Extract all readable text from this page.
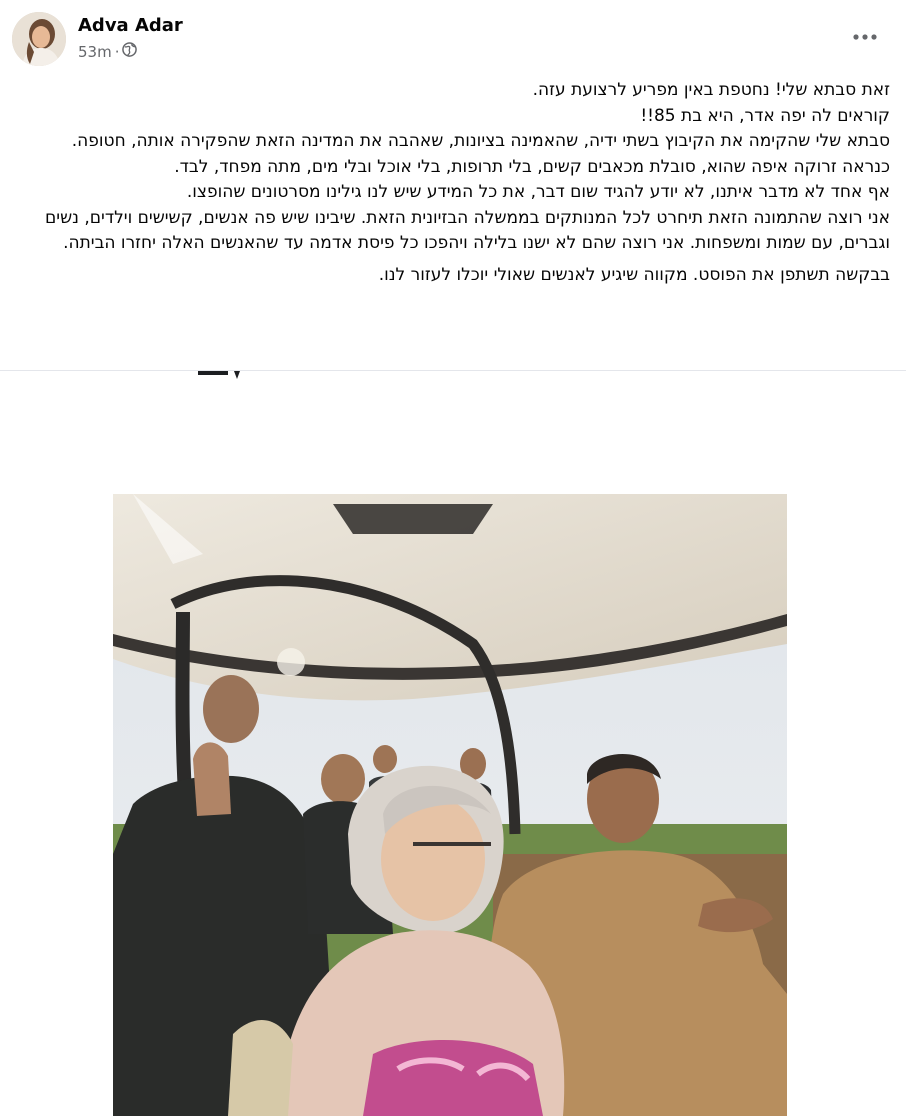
Adva Adar
53m ·

זאת סבתא שלי! נחטפת באין מפריע לרצועת עזה.

קוראים לה יפה אדר, היא בת 85!!

סבתא שלי שהקימה את הקיבוץ בשתי ידיה, שהאמינה בציונות, שאהבה את המדינה הזאת שהפקירה אותה, חטופה.

כנראה זרוקה איפה שהוא, סובלת מכאבים קשים, בלי תרופות, בלי אוכל ובלי מים, מתה מפחד, לבד.

אף אחד לא מדבר איתנו, לא יודע להגיד שום דבר, את כל המידע שיש לנו גילינו מסרטונים שהופצו.

אני רוצה שהתמונה הזאת תיחרט לכל המנותקים בממשלה הבזיונית הזאת. שיבינו שיש פה אנשים, קשישים וילדים, נשים וגברים, עם שמות ומשפחות. אני רוצה שהם לא ישנו בלילה ויהפכו כל פיסת אדמה עד שהאנשים האלה יחזרו הביתה.

בבקשה תשתפן את הפוסט. מקווה שיגיע לאנשים שאולי יוכלו לעזור לנו.
